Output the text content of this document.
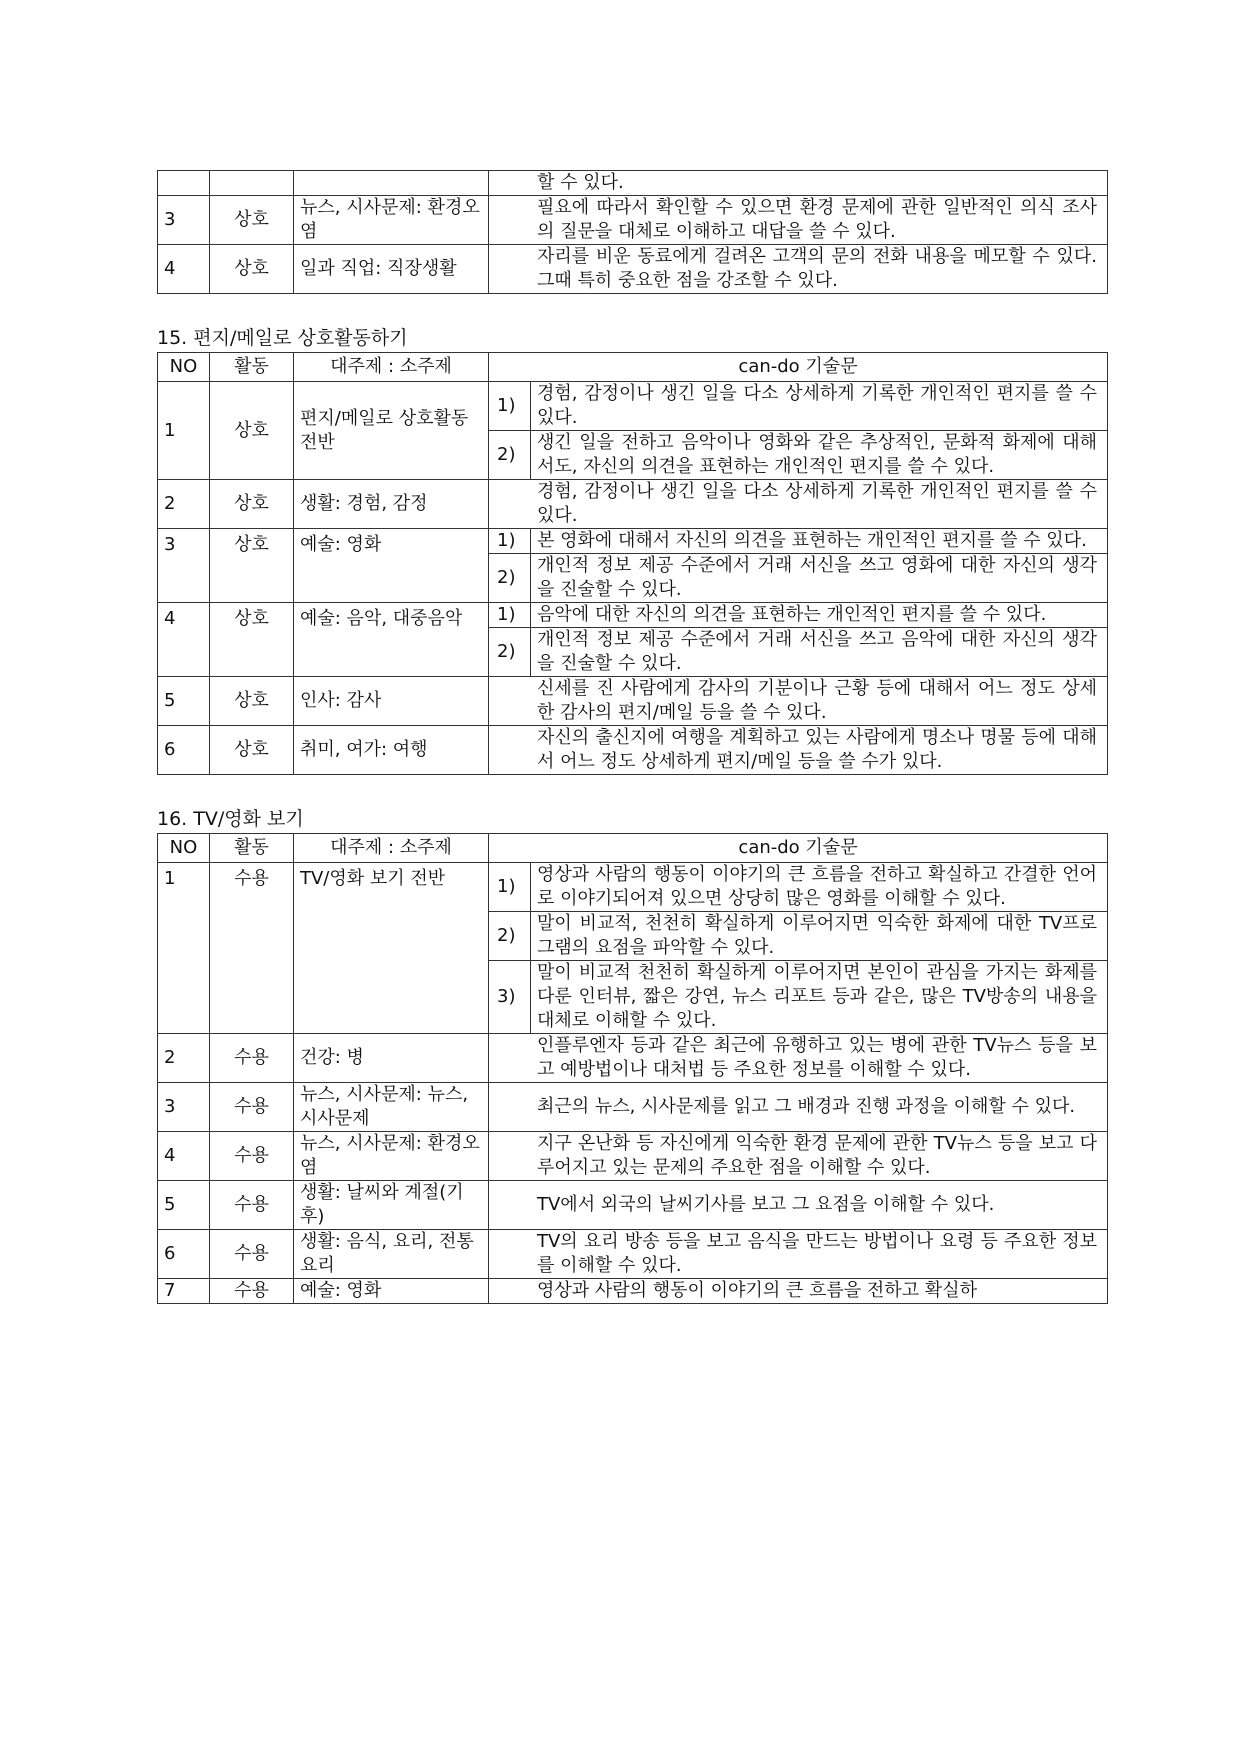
			할 수 있다.
3	상호	뉴스, 시사문제: 환경오염	필요에 따라서 확인할 수 있으면 환경 문제에 관한 일반적인 의식 조사의 질문을 대체로 이해하고 대답을 쓸 수 있다.
4	상호	일과 직업: 직장생활	자리를 비운 동료에게 걸려온 고객의 문의 전화 내용을 메모할 수 있다. 그때 특히 중요한 점을 강조할 수 있다.
15. 편지/메일로 상호활동하기
NO	활동	대주제 : 소주제	can-do 기술문	
1	상호	편지/메일로 상호활동 전반	1)	경험, 감정이나 생긴 일을 다소 상세하게 기록한 개인적인 편지를 쓸 수 있다.
			2)	생긴 일을 전하고 음악이나 영화와 같은 추상적인, 문화적 화제에 대해서도, 자신의 의견을 표현하는 개인적인 편지를 쓸 수 있다.
2	상호	생활: 경험, 감정	경험, 감정이나 생긴 일을 다소 상세하게 기록한 개인적인 편지를 쓸 수 있다.	
3	상호	예술: 영화	1)	본 영화에 대해서 자신의 의견을 표현하는 개인적인 편지를 쓸 수 있다.
			2)	개인적 정보 제공 수준에서 거래 서신을 쓰고 영화에 대한 자신의 생각을 진술할 수 있다.
4	상호	예술: 음악, 대중음악	1)	음악에 대한 자신의 의견을 표현하는 개인적인 편지를 쓸 수 있다.
			2)	개인적 정보 제공 수준에서 거래 서신을 쓰고 음악에 대한 자신의 생각을 진술할 수 있다.
5	상호	인사: 감사	신세를 진 사람에게 감사의 기분이나 근황 등에 대해서 어느 정도 상세한 감사의 편지/메일 등을 쓸 수 있다.	
6	상호	취미, 여가: 여행	자신의 출신지에 여행을 계획하고 있는 사람에게 명소나 명물 등에 대해서 어느 정도 상세하게 편지/메일 등을 쓸 수가 있다.	
16. TV/영화 보기
NO	활동	대주제 : 소주제	can-do 기술문	
1	수용	TV/영화 보기 전반	1)	영상과 사람의 행동이 이야기의 큰 흐름을 전하고 확실하고 간결한 언어로 이야기되어져 있으면 상당히 많은 영화를 이해할 수 있다.
			2)	말이 비교적, 천천히 확실하게 이루어지면 익숙한 화제에 대한 TV프로그램의 요점을 파악할 수 있다.
			3)	말이 비교적 천천히 확실하게 이루어지면 본인이 관심을 가지는 화제를 다룬 인터뷰, 짧은 강연, 뉴스 리포트 등과 같은, 많은 TV방송의 내용을 대체로 이해할 수 있다.
2	수용	건강: 병	인플루엔자 등과 같은 최근에 유행하고 있는 병에 관한 TV뉴스 등을 보고 예방법이나 대처법 등 주요한 정보를 이해할 수 있다.	
3	수용	뉴스, 시사문제: 뉴스, 시사문제	최근의 뉴스, 시사문제를 읽고 그 배경과 진행 과정을 이해할 수 있다.	
4	수용	뉴스, 시사문제: 환경오염	지구 온난화 등 자신에게 익숙한 환경 문제에 관한 TV뉴스 등을 보고 다루어지고 있는 문제의 주요한 점을 이해할 수 있다.	
5	수용	생활: 날씨와 계절(기후)	TV에서 외국의 날씨기사를 보고 그 요점을 이해할 수 있다.	
6	수용	생활: 음식, 요리, 전통요리	TV의 요리 방송 등을 보고 음식을 만드는 방법이나 요령 등 주요한 정보를 이해할 수 있다.	
7	수용	예술: 영화	영상과 사람의 행동이 이야기의 큰 흐름을 전하고 확실하	
